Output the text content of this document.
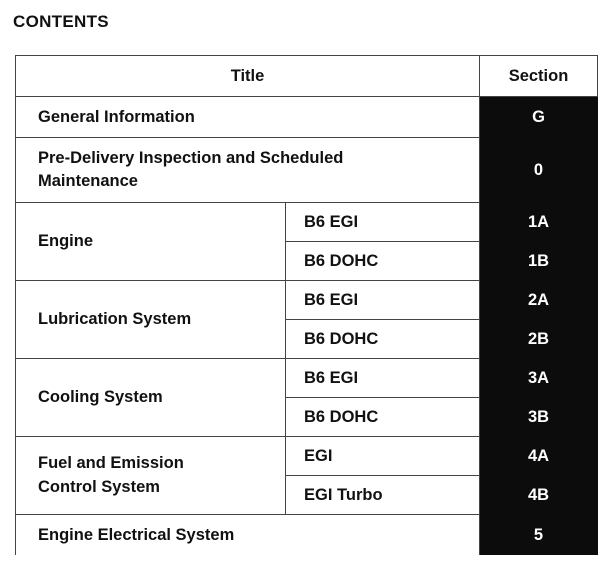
CONTENTS
Title		Section
General Information		G
Pre-Delivery Inspection and Scheduled
Maintenance		0
Engine	B6 EGI	1A
	B6 DOHC	1B
Lubrication System	B6 EGI	2A
	B6 DOHC	2B
Cooling System	B6 EGI	3A
	B6 DOHC	3B
Fuel and Emission
Control System	EGI	4A
	EGI Turbo	4B
Engine Electrical System		5
